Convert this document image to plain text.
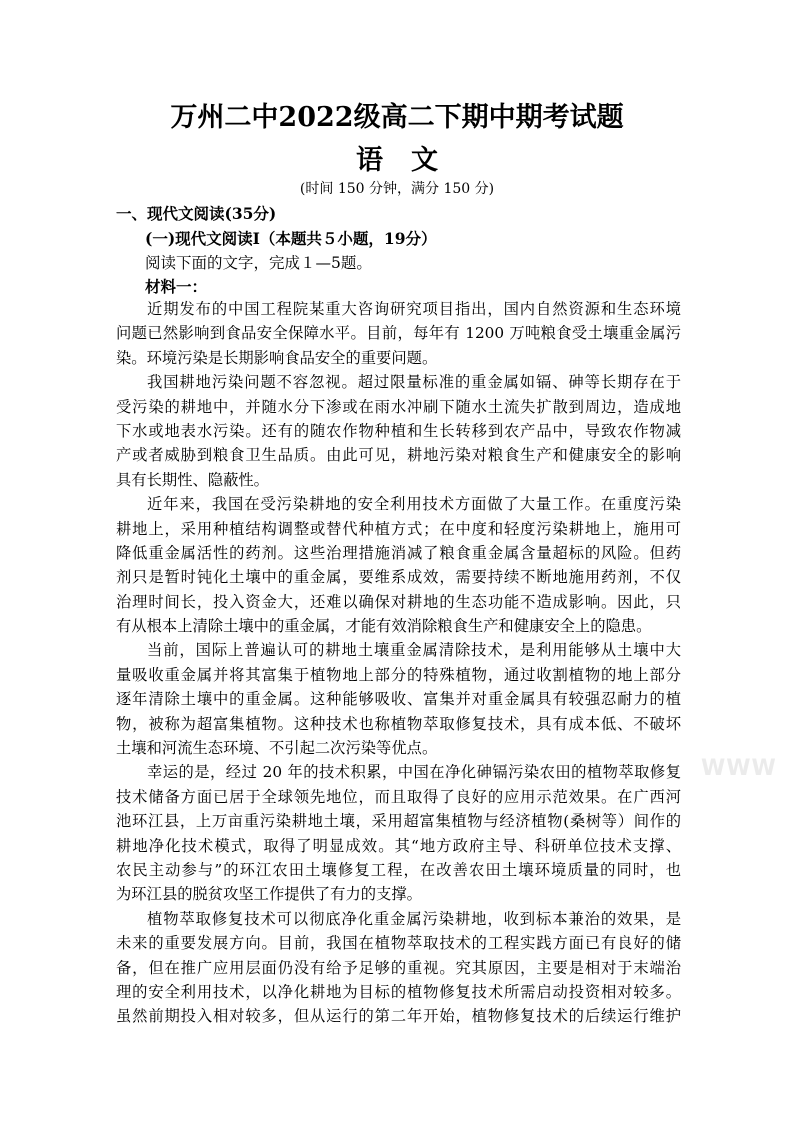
万州二中2022级高二下期中期考试题
语文
(时间 150 分钟，满分 150 分)
一、现代文阅读(35分)
(一)现代文阅读Ⅰ（本题共５小题，19分）
阅读下面的文字，完成１—5题。
材料一：
近期发布的中国工程院某重大咨询研究项目指出，国内自然资源和生态环境
问题已然影响到食品安全保障水平。目前，每年有 1200 万吨粮食受土壤重金属污
染。环境污染是长期影响食品安全的重要问题。
我国耕地污染问题不容忽视。超过限量标准的重金属如镉、砷等长期存在于
受污染的耕地中，并随水分下渗或在雨水冲刷下随水土流失扩散到周边，造成地
下水或地表水污染。还有的随农作物种植和生长转移到农产品中，导致农作物减
产或者威胁到粮食卫生品质。由此可见，耕地污染对粮食生产和健康安全的影响
具有长期性、隐蔽性。
近年来，我国在受污染耕地的安全利用技术方面做了大量工作。在重度污染
耕地上，采用种植结构调整或替代种植方式；在中度和轻度污染耕地上，施用可
降低重金属活性的药剂。这些治理措施消减了粮食重金属含量超标的风险。但药
剂只是暂时钝化土壤中的重金属，要维系成效，需要持续不断地施用药剂，不仅
治理时间长，投入资金大，还难以确保对耕地的生态功能不造成影响。因此，只
有从根本上清除土壤中的重金属，才能有效消除粮食生产和健康安全上的隐患。
当前，国际上普遍认可的耕地土壤重金属清除技术，是利用能够从土壤中大
量吸收重金属并将其富集于植物地上部分的特殊植物，通过收割植物的地上部分
逐年清除土壤中的重金属。这种能够吸收、富集并对重金属具有较强忍耐力的植
物，被称为超富集植物。这种技术也称植物萃取修复技术，具有成本低、不破坏
土壤和河流生态环境、不引起二次污染等优点。
幸运的是，经过 20 年的技术积累，中国在净化砷镉污染农田的植物萃取修复
技术储备方面已居于全球领先地位，而且取得了良好的应用示范效果。在广西河
池环江县，上万亩重污染耕地土壤，采用超富集植物与经济植物(桑树等）间作的
耕地净化技术模式，取得了明显成效。其“地方政府主导、科研单位技术支撑、
农民主动参与”的环江农田土壤修复工程，在改善农田土壤环境质量的同时，也
为环江县的脱贫攻坚工作提供了有力的支撑。
植物萃取修复技术可以彻底净化重金属污染耕地，收到标本兼治的效果，是
未来的重要发展方向。目前，我国在植物萃取技术的工程实践方面已有良好的储
备，但在推广应用层面仍没有给予足够的重视。究其原因，主要是相对于末端治
理的安全利用技术，以净化耕地为目标的植物修复技术所需启动投资相对较多。
虽然前期投入相对较多，但从运行的第二年开始，植物修复技术的后续运行维护
WWW
